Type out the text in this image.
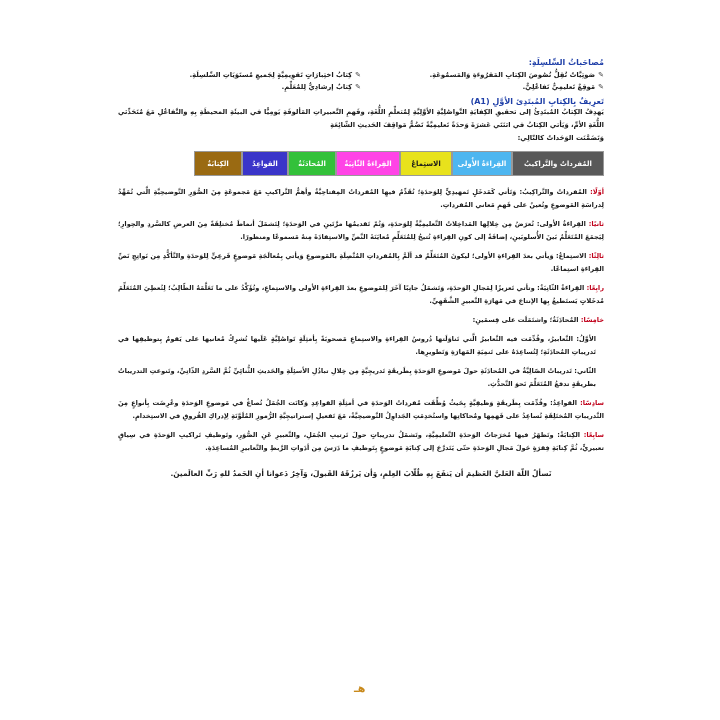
مُصاحَباتُ السِّلسِلَةِ:
✎صَوتِيَّاتٌ تُقِلُّ نُصُوصَ الكِتابِ المَقرُوءَةِ وَالمَسمُوعَةِ.
✎كِتابُ اختِبارَاتٍ تَقوِيمِيَّةٍ لِجَميعِ مُستَوَيَاتِ السِّلسِلَةِ.
✎مَوقِعٌ تَعليمِيٌّ تَفاعُلِيٌّ.
✎كِتابٌ إرشادِيٌّ لِلمُعَلِّمِ.
تَعرِيفٌ بِالكِتابِ المُبتَدِئ الأوَّلِ (A1)

يَهدِفُ الكِتابُ المُبتَدِئُ إلى تحقيقِ الكِفايَةِ التَّواصُلِيَّةِ الأوَّلِيَّةِ لِمُتعلِّمِ اللُّغَةِ، وفَهمِ التَّعبيراتِ المَألوفَةِ يَومِيًّا في البيئَةِ المحيطَةِ بِهِ والتَّفاعُلِ مَعَ مُتَحَدِّثي اللُّغَةِ الأمِّ، وَيَأتي الكِتابُ في اثنَتَي عَشرَةَ وَحدَةً تَعليمِيَّةً تَضُمُّ مَواقِفَ الحَديثِ الشّائِعَةِ

وَتَضَمَّنَت الوَحَداتُ كالتّالِي:

المُفرداتُ والتَّراكيبُ
القِراءَةُ الأُولى
الاستِماعُ
القِراءَةُ الثّانِيَةُ
المُحادَثَةُ
القواعِدُ
الكِتابَةُ

أوّلًا: المُفرداتُ والتَّراكِيبُ: وَتَأتي كَمَدخَلٍ تَمهيدِيٍّ لِلوَحدَةِ؛ تُقَدِّمُ فيهِا المُفرداتُ المِفتاحِيَّةُ وأهمُّ التَّراكيبِ مَعَ مَجموعَةٍ مِنَ الصُّوَرِ التَّوضيحِيَّةِ الَّتي تُمَهِّدُ لِدراسَةِ المَوضوعِ وتُعينُ على فَهمِ مَعاني المُفرداتِ.

ثانيًا: القِراءَةُ الأولى: تُعرَضُ مِن خِلالِها المَداخِلاتُ التَّعليمِيَّةُ لِلوَحدَةِ، وَتُمّ تَقديمُها مرَّتَينِ في الوَحدَةِ؛ لِتَشمَلَ أنماطَ مُختلِفَةً مِنَ العرضِ كالسَّردِ والحِوارِ؛ لِيَجمَعَ المُتَعَلِّمُ بَينَ الأُسلوبَينِ، إضافَةً إلى كونِ القِراءَةِ تُتيحُ لِلمُتَعَلِّمِ مُعايَنَةَ النَّصِّ والاستِفادَةَ مِنهُ مَسموعًا ومنظورًا.

ثالِثًا: الاستِماعُ: وَيأتي بعدَ القِراءَةِ الأولى؛ ليكونَ المُتَعَلِّمُ قد ألَمَّ بِالمُفرداتِ المُتَّصِلَةِ بالمَوضوعِ وَيأتي بِمُعالَجَةِ مَوضوعٍ فَرعِيٍّ لِلوَحدَةِ والتَّأكُّدِ مِن نَواتِجِ نَصِّ القِراءَةِ استِماعًا.

رابِعًا: القِراءَةُ الثّانِيَةُ: وتأتي تَعزيزًا لِمَجالِ الوَحدَةِ، وَتَشمَلُ جانِبًا آخَرَ لِلمَوضوعِ بعدَ القِراءَةِ الأولى والاستِماعِ، وتُؤَكِّدُ على ما تَعَلَّمَهُ الطّالِبُ؛ لِتُعطِيَ المُتَعَلِّمَ مُدخَلاتٍ يَستَطيعُ بِها الإنتاجَ في مَهارَةِ التَّعبيرِ الشَّفَهِيِّ.

خامِسًا: المُحادَثَةُ؛ واشتَمَلَت على قِسمَينِ:

الأوَّلُ: التَّعابيرُ، وقُدِّمَت فيه التَّعابيرُ الَّتي تَناوَلَتها دُروسُ القِراءَةِ والاستِماعِ مَصحوبَةً بِأمثِلَةٍ تَواصُلِيَّةٍ عَلَيها تُشرِكُ مُعانيها على يَقومُ بِتوظيفِها في تَدريباتِ المُحادَثَةِ؛ لِتُساعِدَهُ على تَنمِيَةِ المَهارَةِ وَتَطويرِها.

الثّاني: تَدريباتُ الصّالِيَّةُ في المُحادَثَةِ حولَ مَوضوعِ الوَحدَةِ بِطَريقَةٍ تَدريجِيَّةٍ مِن خِلالِ تبادُلِ الأسئِلَةِ والحَديثِ الثُّنائِيِّ ثُمَّ السَّردِ الذّاتِيِّ، وتَنوعتِ التدريباتُ بطريقَةٍ تدفعُ المُتَعَلِّمَ نَحوَ التَّحدُّثِ.

سادِسًا: القواعِدُ: وقُدِّمَت بِطَريقَةٍ وَظيفِيَّةٍ بِحَيثُ وُظِّفَت مُفرداتُ الوَحدَةِ في أمثِلَةِ القواعِدِ وَكانَت الجُمَلُ تُصاغُ في مَوضوعِ الوَحدَةِ وعُرِضَت بِأنواعٍ مِنَ التَّدريباتِ المُختَلِفَةِ تُساعِدُ على فَهمِها ومُحاكاتِها واستُخدِمَتِ الجَداوِلُ التَّوضيحِيَّةُ، مَعَ تَفعيلِ إستراتيجِيَّةِ الرُّموزِ المُلَوَّنَةِ لِإدراكِ الفُروقِ في الاستِخدامِ.

سابِعًا: الكِتابَةُ: وتَظهَرُ فيها مُخرَجاتُ الوَحدَةِ التَّعليمِيَّةِ، وتَشمَلُ تدريباتٍ حولَ تَرتيبِ الجُمَلِ، والتَّعبيرِ عَنِ الصُّوَرِ، وتَوظيفِ تَراكيبِ الوَحدَةِ في سِياقٍ تعبيريٍّ، ثُمَّ كِتابَةِ فِقرَةٍ حَولَ مَجالِ الوَحدَةِ حتّى يَتَدرَّجَ إلى كِتابَةِ مَوضوعٍ بِتَوظيفِ ما دَرَسَ مِن أدَواتِ الرَّبطِ والتَّعابيرِ المُساعِدَةِ.

نَسألُ اللّهَ العَليَّ العَظيمَ أن يَنفَعَ بِهِ طُلّابَ العِلمِ، وَأن يَرزُقَهُ القَبولَ، وَآخِرُ دَعوانا أنِ الحَمدُ للهِ رَبِّ العالَمينَ.
هـ
